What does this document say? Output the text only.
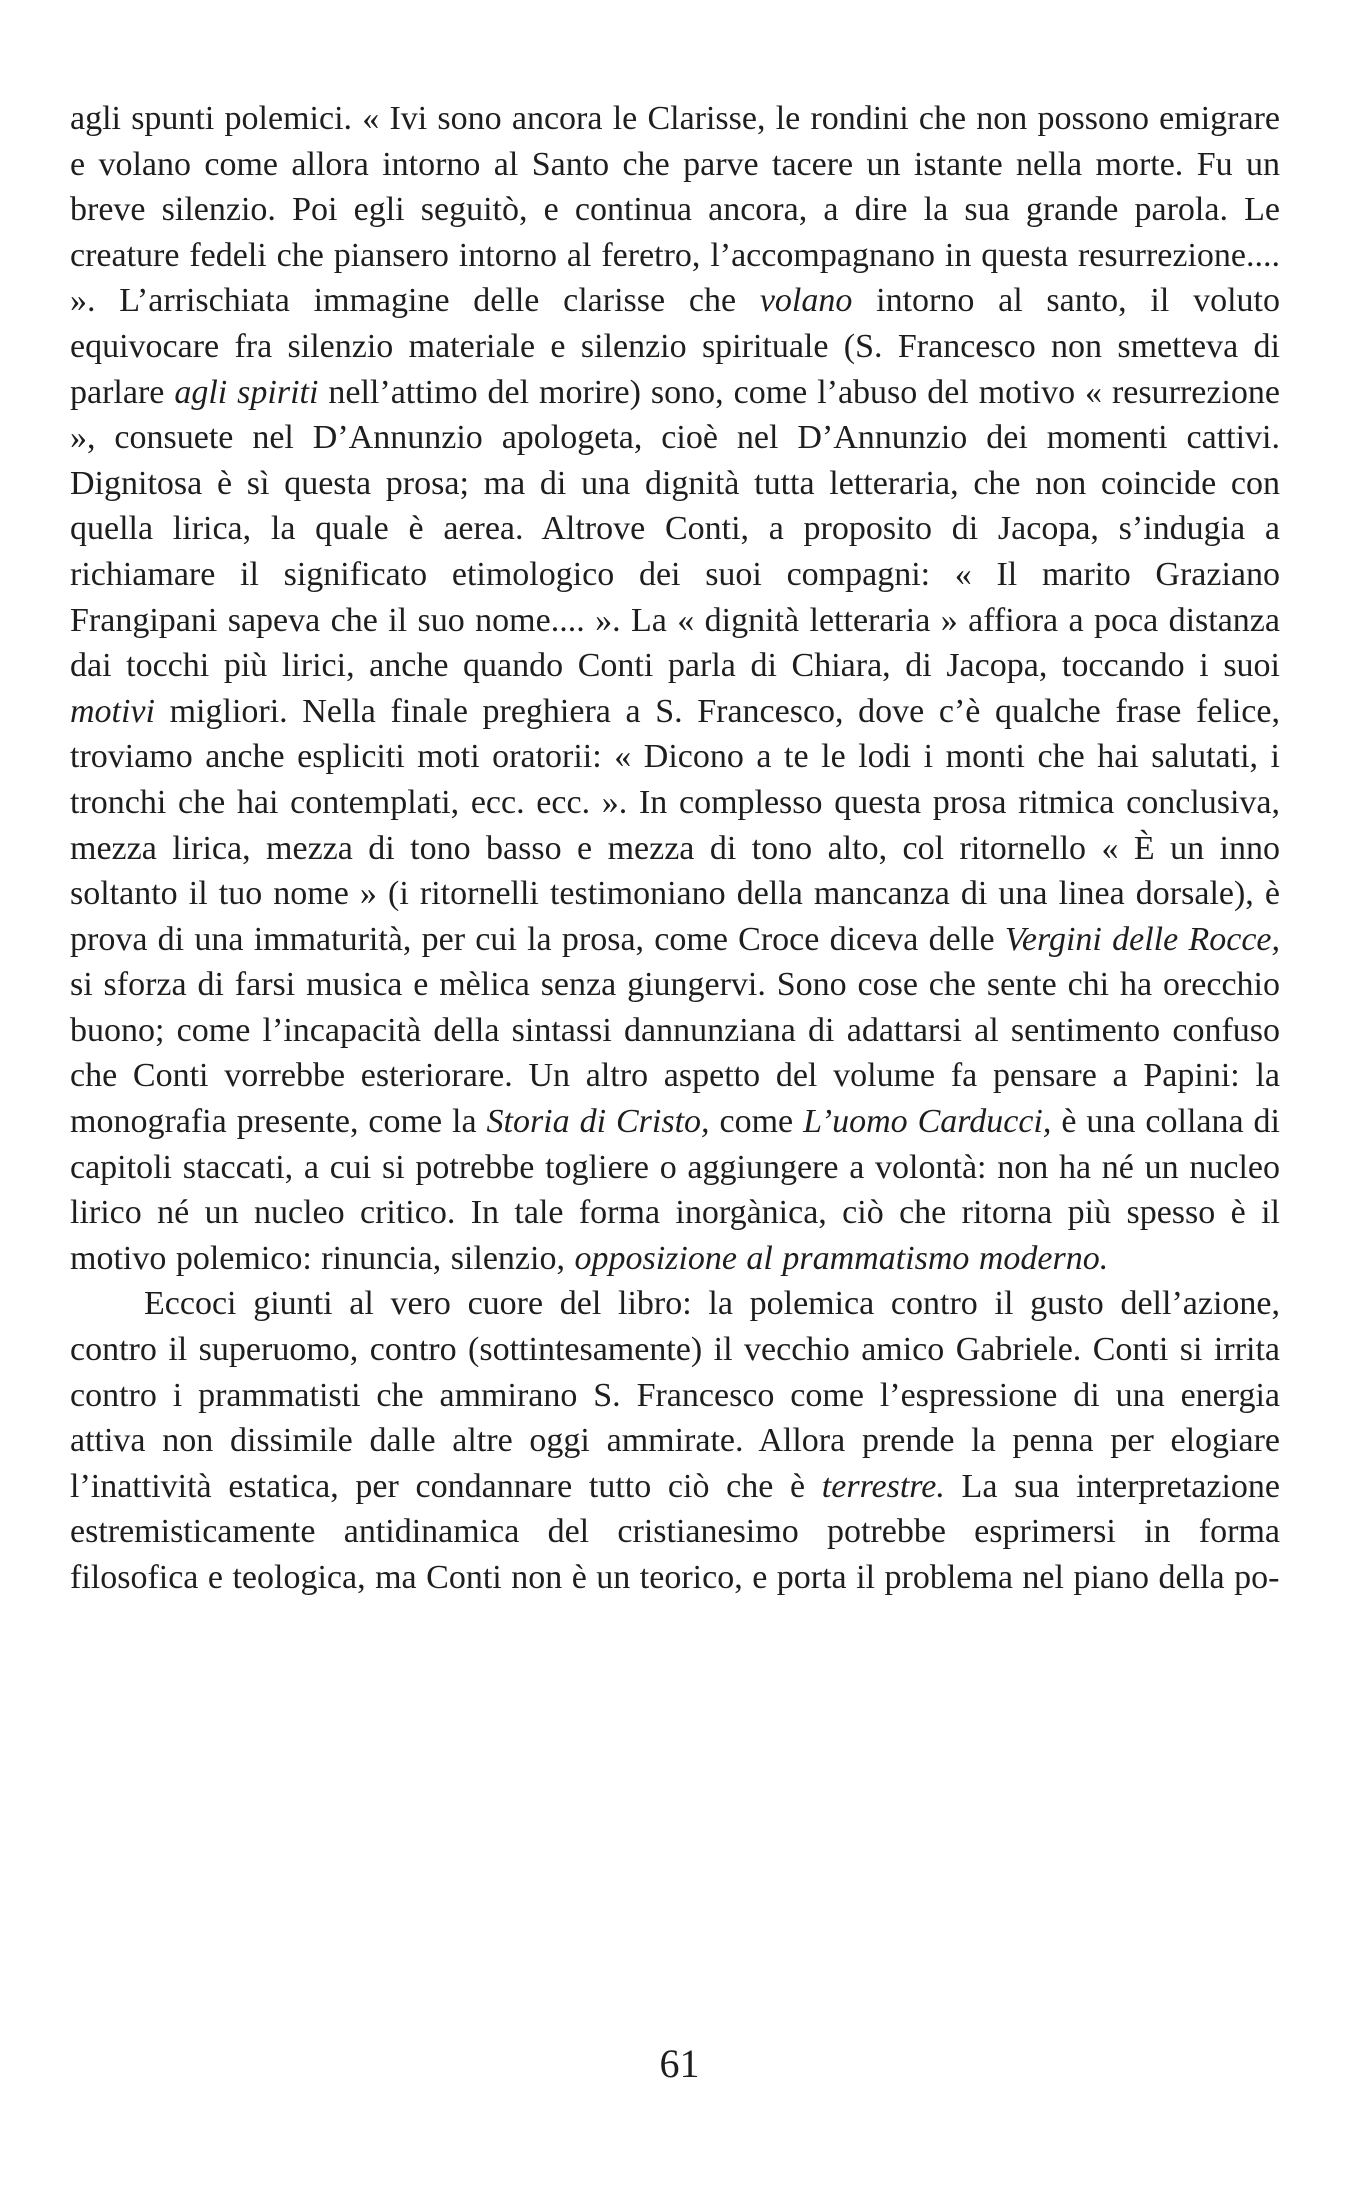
agli spunti polemici. « Ivi sono ancora le Clarisse, le rondini che non possono emigrare e volano come allora intorno al Santo che parve tacere un istante nella morte. Fu un breve silenzio. Poi egli seguitò, e continua ancora, a dire la sua grande parola. Le creature fedeli che piansero intorno al feretro, l’accompagnano in questa resurrezione.... ». L’arrischiata immagine delle clarisse che volano intorno al santo, il voluto equivocare fra silenzio materiale e silenzio spirituale (S. Francesco non smetteva di parlare agli spiriti nell’attimo del morire) sono, come l’abuso del motivo « resurrezione », consuete nel D’Annunzio apologeta, cioè nel D’Annunzio dei momenti cattivi. Dignitosa è sì questa prosa; ma di una dignità tutta letteraria, che non coincide con quella lirica, la quale è aerea. Altrove Conti, a proposito di Jacopa, s’indugia a richiamare il significato etimologico dei suoi compagni: « Il marito Graziano Frangipani sapeva che il suo nome.... ». La « dignità letteraria » affiora a poca distanza dai tocchi più lirici, anche quando Conti parla di Chiara, di Jacopa, toccando i suoi motivi migliori. Nella finale preghiera a S. Francesco, dove c’è qualche frase felice, troviamo anche espliciti moti oratorii: « Dicono a te le lodi i monti che hai salutati, i tronchi che hai contemplati, ecc. ecc. ». In complesso questa prosa ritmica conclusiva, mezza lirica, mezza di tono basso e mezza di tono alto, col ritornello « È un inno soltanto il tuo nome » (i ritornelli testimoniano della mancanza di una linea dorsale), è prova di una immaturità, per cui la prosa, come Croce diceva delle Vergini delle Rocce, si sforza di farsi musica e mèlica senza giungervi. Sono cose che sente chi ha orecchio buono; come l’incapacità della sintassi dannunziana di adattarsi al sentimento confuso che Conti vorrebbe esteriorare. Un altro aspetto del volume fa pensare a Papini: la monografia presente, come la Storia di Cristo, come L’uomo Carducci, è una collana di capitoli staccati, a cui si potrebbe togliere o aggiungere a volontà: non ha né un nucleo lirico né un nucleo critico. In tale forma inorgànica, ciò che ritorna più spesso è il motivo polemico: rinuncia, silenzio, opposizione al prammatismo moderno.

Eccoci giunti al vero cuore del libro: la polemica contro il gusto dell’azione, contro il superuomo, contro (sottintesamente) il vecchio amico Gabriele. Conti si irrita contro i prammatisti che ammirano S. Francesco come l’espressione di una energia attiva non dissimile dalle altre oggi ammirate. Allora prende la penna per elogiare l’inattività estatica, per condannare tutto ciò che è terrestre. La sua interpretazione estremisticamente antidinamica del cristianesimo potrebbe esprimersi in forma filosofica e teologica, ma Conti non è un teorico, e porta il problema nel piano della po-

61
